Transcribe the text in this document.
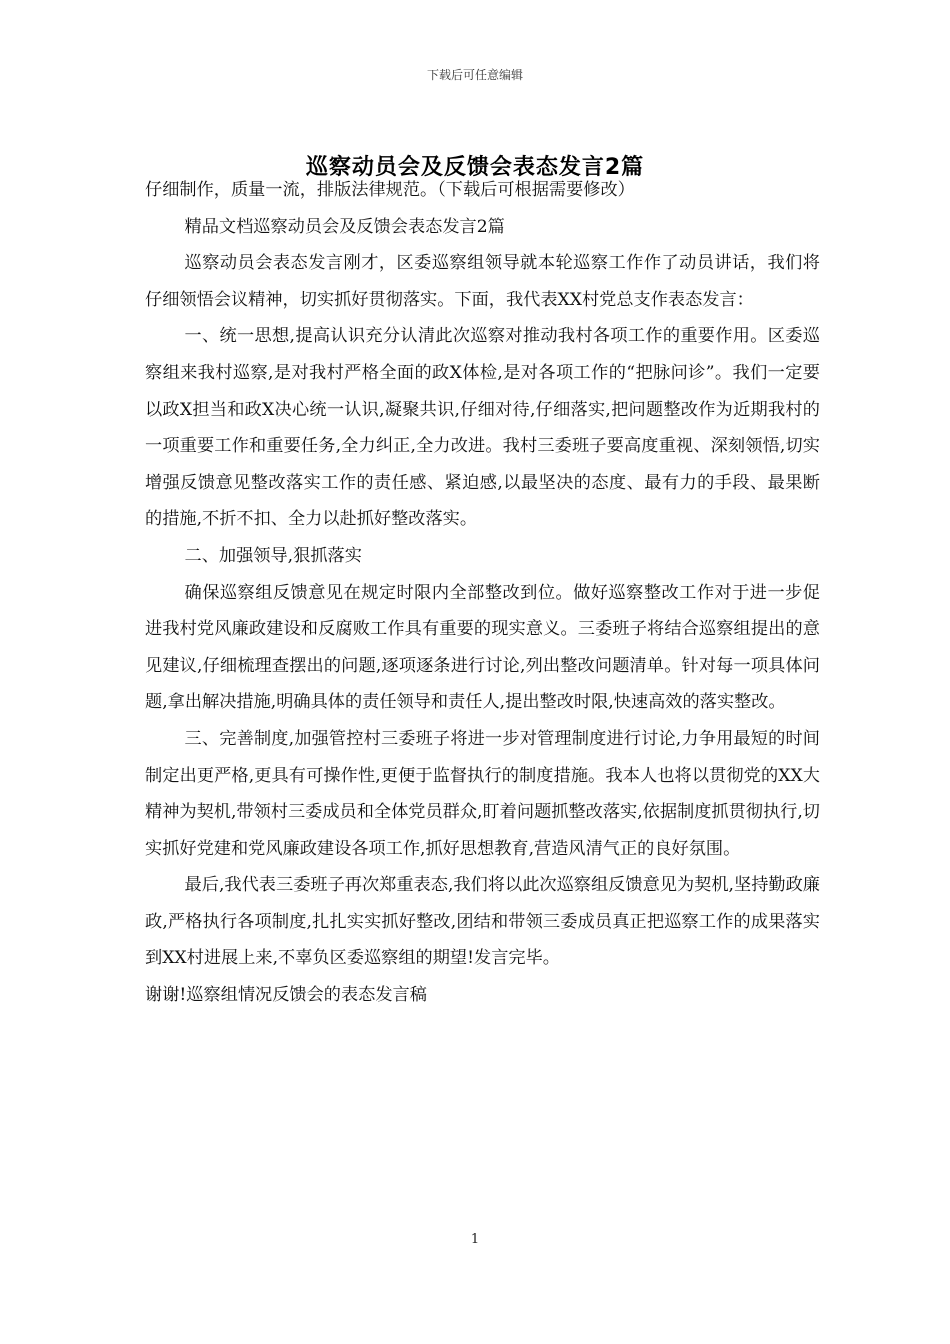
下载后可任意编辑
巡察动员会及反馈会表态发言2篇

仔细制作，质量一流，排版法律规范。（下载后可根据需要修改）

精品文档巡察动员会及反馈会表态发言2篇

巡察动员会表态发言刚才，区委巡察组领导就本轮巡察工作作了动员讲话，我们将仔细领悟会议精神，切实抓好贯彻落实。下面，我代表XX村党总支作表态发言：

一、统一思想,提高认识充分认清此次巡察对推动我村各项工作的重要作用。区委巡察组来我村巡察,是对我村严格全面的政X体检,是对各项工作的“把脉问诊”。我们一定要以政X担当和政X决心统一认识,凝聚共识,仔细对待,仔细落实,把问题整改作为近期我村的一项重要工作和重要任务,全力纠正,全力改进。我村三委班子要高度重视、深刻领悟,切实增强反馈意见整改落实工作的责任感、紧迫感,以最坚决的态度、最有力的手段、最果断的措施,不折不扣、全力以赴抓好整改落实。

二、加强领导,狠抓落实

确保巡察组反馈意见在规定时限内全部整改到位。做好巡察整改工作对于进一步促进我村党风廉政建设和反腐败工作具有重要的现实意义。三委班子将结合巡察组提出的意见建议,仔细梳理查摆出的问题,逐项逐条进行讨论,列出整改问题清单。针对每一项具体问题,拿出解决措施,明确具体的责任领导和责任人,提出整改时限,快速高效的落实整改。

三、完善制度,加强管控村三委班子将进一步对管理制度进行讨论,力争用最短的时间制定出更严格,更具有可操作性,更便于监督执行的制度措施。我本人也将以贯彻党的XX大精神为契机,带领村三委成员和全体党员群众,盯着问题抓整改落实,依据制度抓贯彻执行,切实抓好党建和党风廉政建设各项工作,抓好思想教育,营造风清气正的良好氛围。

最后,我代表三委班子再次郑重表态,我们将以此次巡察组反馈意见为契机,坚持勤政廉政,严格执行各项制度,扎扎实实抓好整改,团结和带领三委成员真正把巡察工作的成果落实到XX村进展上来,不辜负区委巡察组的期望!发言完毕。

谢谢!巡察组情况反馈会的表态发言稿

1
